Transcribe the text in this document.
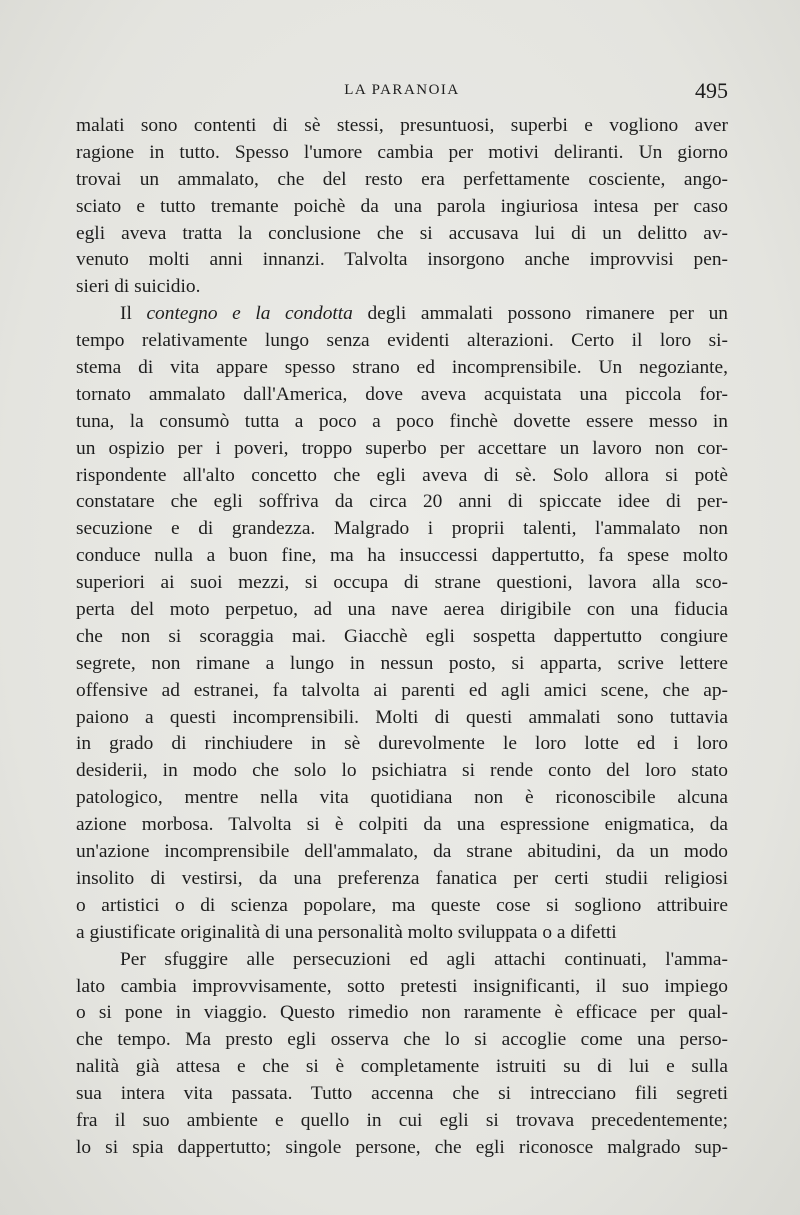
LA PARANOIA	495
malati sono contenti di sè stessi, presuntuosi, superbi e vogliono aver
ragione in tutto. Spesso l'umore cambia per motivi deliranti. Un giorno
trovai un ammalato, che del resto era perfettamente cosciente, ango-
sciato e tutto tremante poichè da una parola ingiuriosa intesa per caso
egli aveva tratta la conclusione che si accusava lui di un delitto av-
venuto molti anni innanzi. Talvolta insorgono anche improvvisi pen-
sieri di suicidio.
Il contegno e la condotta degli ammalati possono rimanere per un
tempo relativamente lungo senza evidenti alterazioni. Certo il loro si-
stema di vita appare spesso strano ed incomprensibile. Un negoziante,
tornato ammalato dall'America, dove aveva acquistata una piccola for-
tuna, la consumò tutta a poco a poco finchè dovette essere messo in
un ospizio per i poveri, troppo superbo per accettare un lavoro non cor-
rispondente all'alto concetto che egli aveva di sè. Solo allora si potè
constatare che egli soffriva da circa 20 anni di spiccate idee di per-
secuzione e di grandezza. Malgrado i proprii talenti, l'ammalato non
conduce nulla a buon fine, ma ha insuccessi dappertutto, fa spese molto
superiori ai suoi mezzi, si occupa di strane questioni, lavora alla sco-
perta del moto perpetuo, ad una nave aerea dirigibile con una fiducia
che non si scoraggia mai. Giacchè egli sospetta dappertutto congiure
segrete, non rimane a lungo in nessun posto, si apparta, scrive lettere
offensive ad estranei, fa talvolta ai parenti ed agli amici scene, che ap-
paiono a questi incomprensibili. Molti di questi ammalati sono tuttavia
in grado di rinchiudere in sè durevolmente le loro lotte ed i loro
desiderii, in modo che solo lo psichiatra si rende conto del loro stato
patologico, mentre nella vita quotidiana non è riconoscibile alcuna
azione morbosa. Talvolta si è colpiti da una espressione enigmatica, da
un'azione incomprensibile dell'ammalato, da strane abitudini, da un modo
insolito di vestirsi, da una preferenza fanatica per certi studii religiosi
o artistici o di scienza popolare, ma queste cose si sogliono attribuire
a giustificate originalità di una personalità molto sviluppata o a difetti
Per sfuggire alle persecuzioni ed agli attachi continuati, l'amma-
lato cambia improvvisamente, sotto pretesti insignificanti, il suo impiego
o si pone in viaggio. Questo rimedio non raramente è efficace per qual-
che tempo. Ma presto egli osserva che lo si accoglie come una perso-
nalità già attesa e che si è completamente istruiti su di lui e sulla
sua intera vita passata. Tutto accenna che si intrecciano fili segreti
fra il suo ambiente e quello in cui egli si trovava precedentemente;
lo si spia dappertutto; singole persone, che egli riconosce malgrado sup-
